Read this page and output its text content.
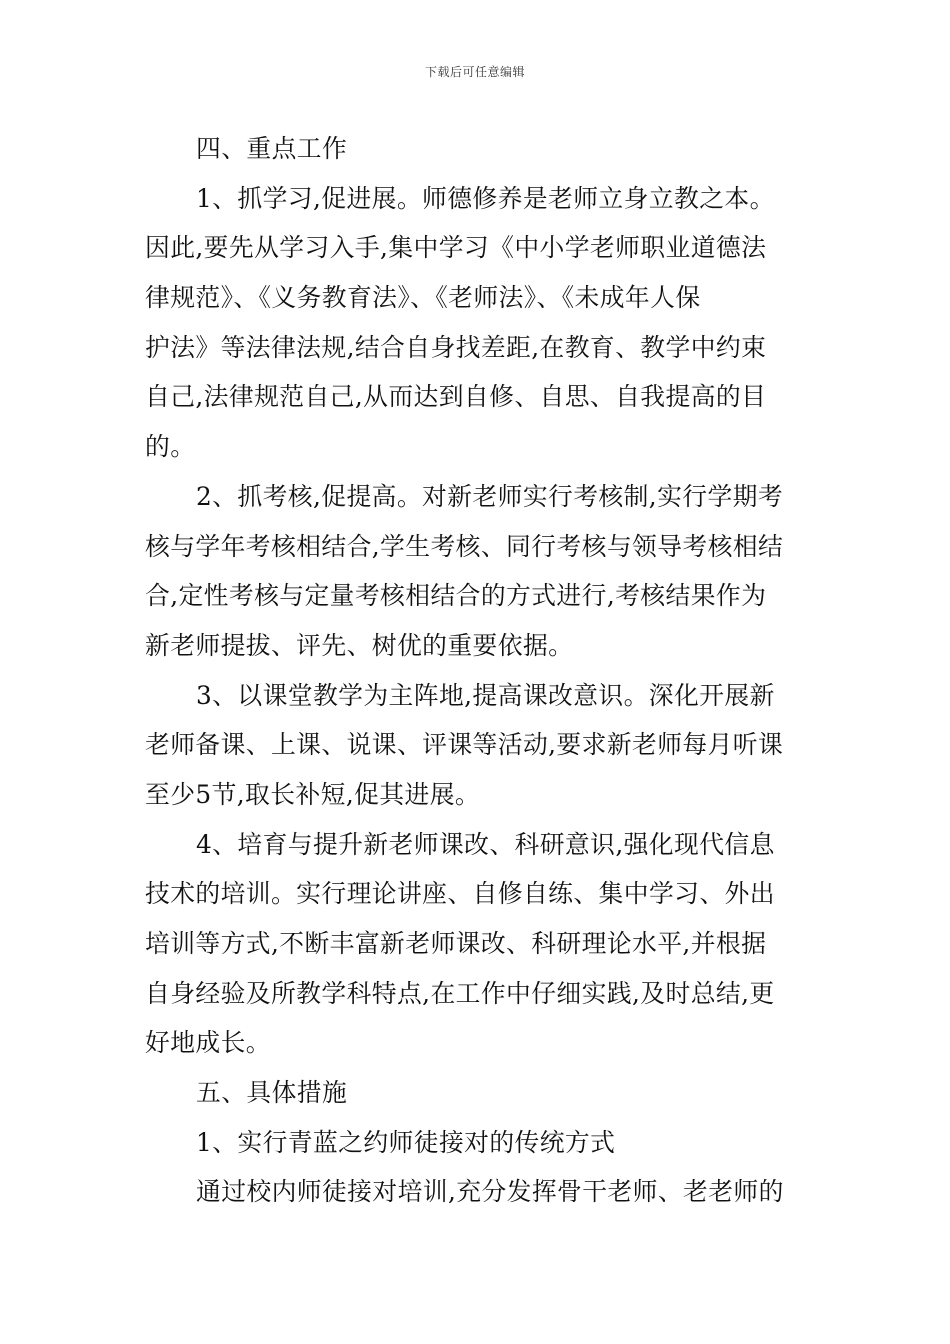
下载后可任意编辑
四、重点工作
1、抓学习,促进展。师德修养是老师立身立教之本。
因此,要先从学习入手,集中学习《中小学老师职业道德法
律规范》、《义务教育法》、《老师法》、《未成年人保
护法》等法律法规,结合自身找差距,在教育、教学中约束
自己,法律规范自己,从而达到自修、自思、自我提高的目
的。
2、抓考核,促提高。对新老师实行考核制,实行学期考
核与学年考核相结合,学生考核、同行考核与领导考核相结
合,定性考核与定量考核相结合的方式进行,考核结果作为
新老师提拔、评先、树优的重要依据。
3、以课堂教学为主阵地,提高课改意识。深化开展新
老师备课、上课、说课、评课等活动,要求新老师每月听课
至少5节,取长补短,促其进展。
4、培育与提升新老师课改、科研意识,强化现代信息
技术的培训。实行理论讲座、自修自练、集中学习、外出
培训等方式,不断丰富新老师课改、科研理论水平,并根据
自身经验及所教学科特点,在工作中仔细实践,及时总结,更
好地成长。
五、具体措施
1、实行青蓝之约师徒接对的传统方式
通过校内师徒接对培训,充分发挥骨干老师、老老师的
